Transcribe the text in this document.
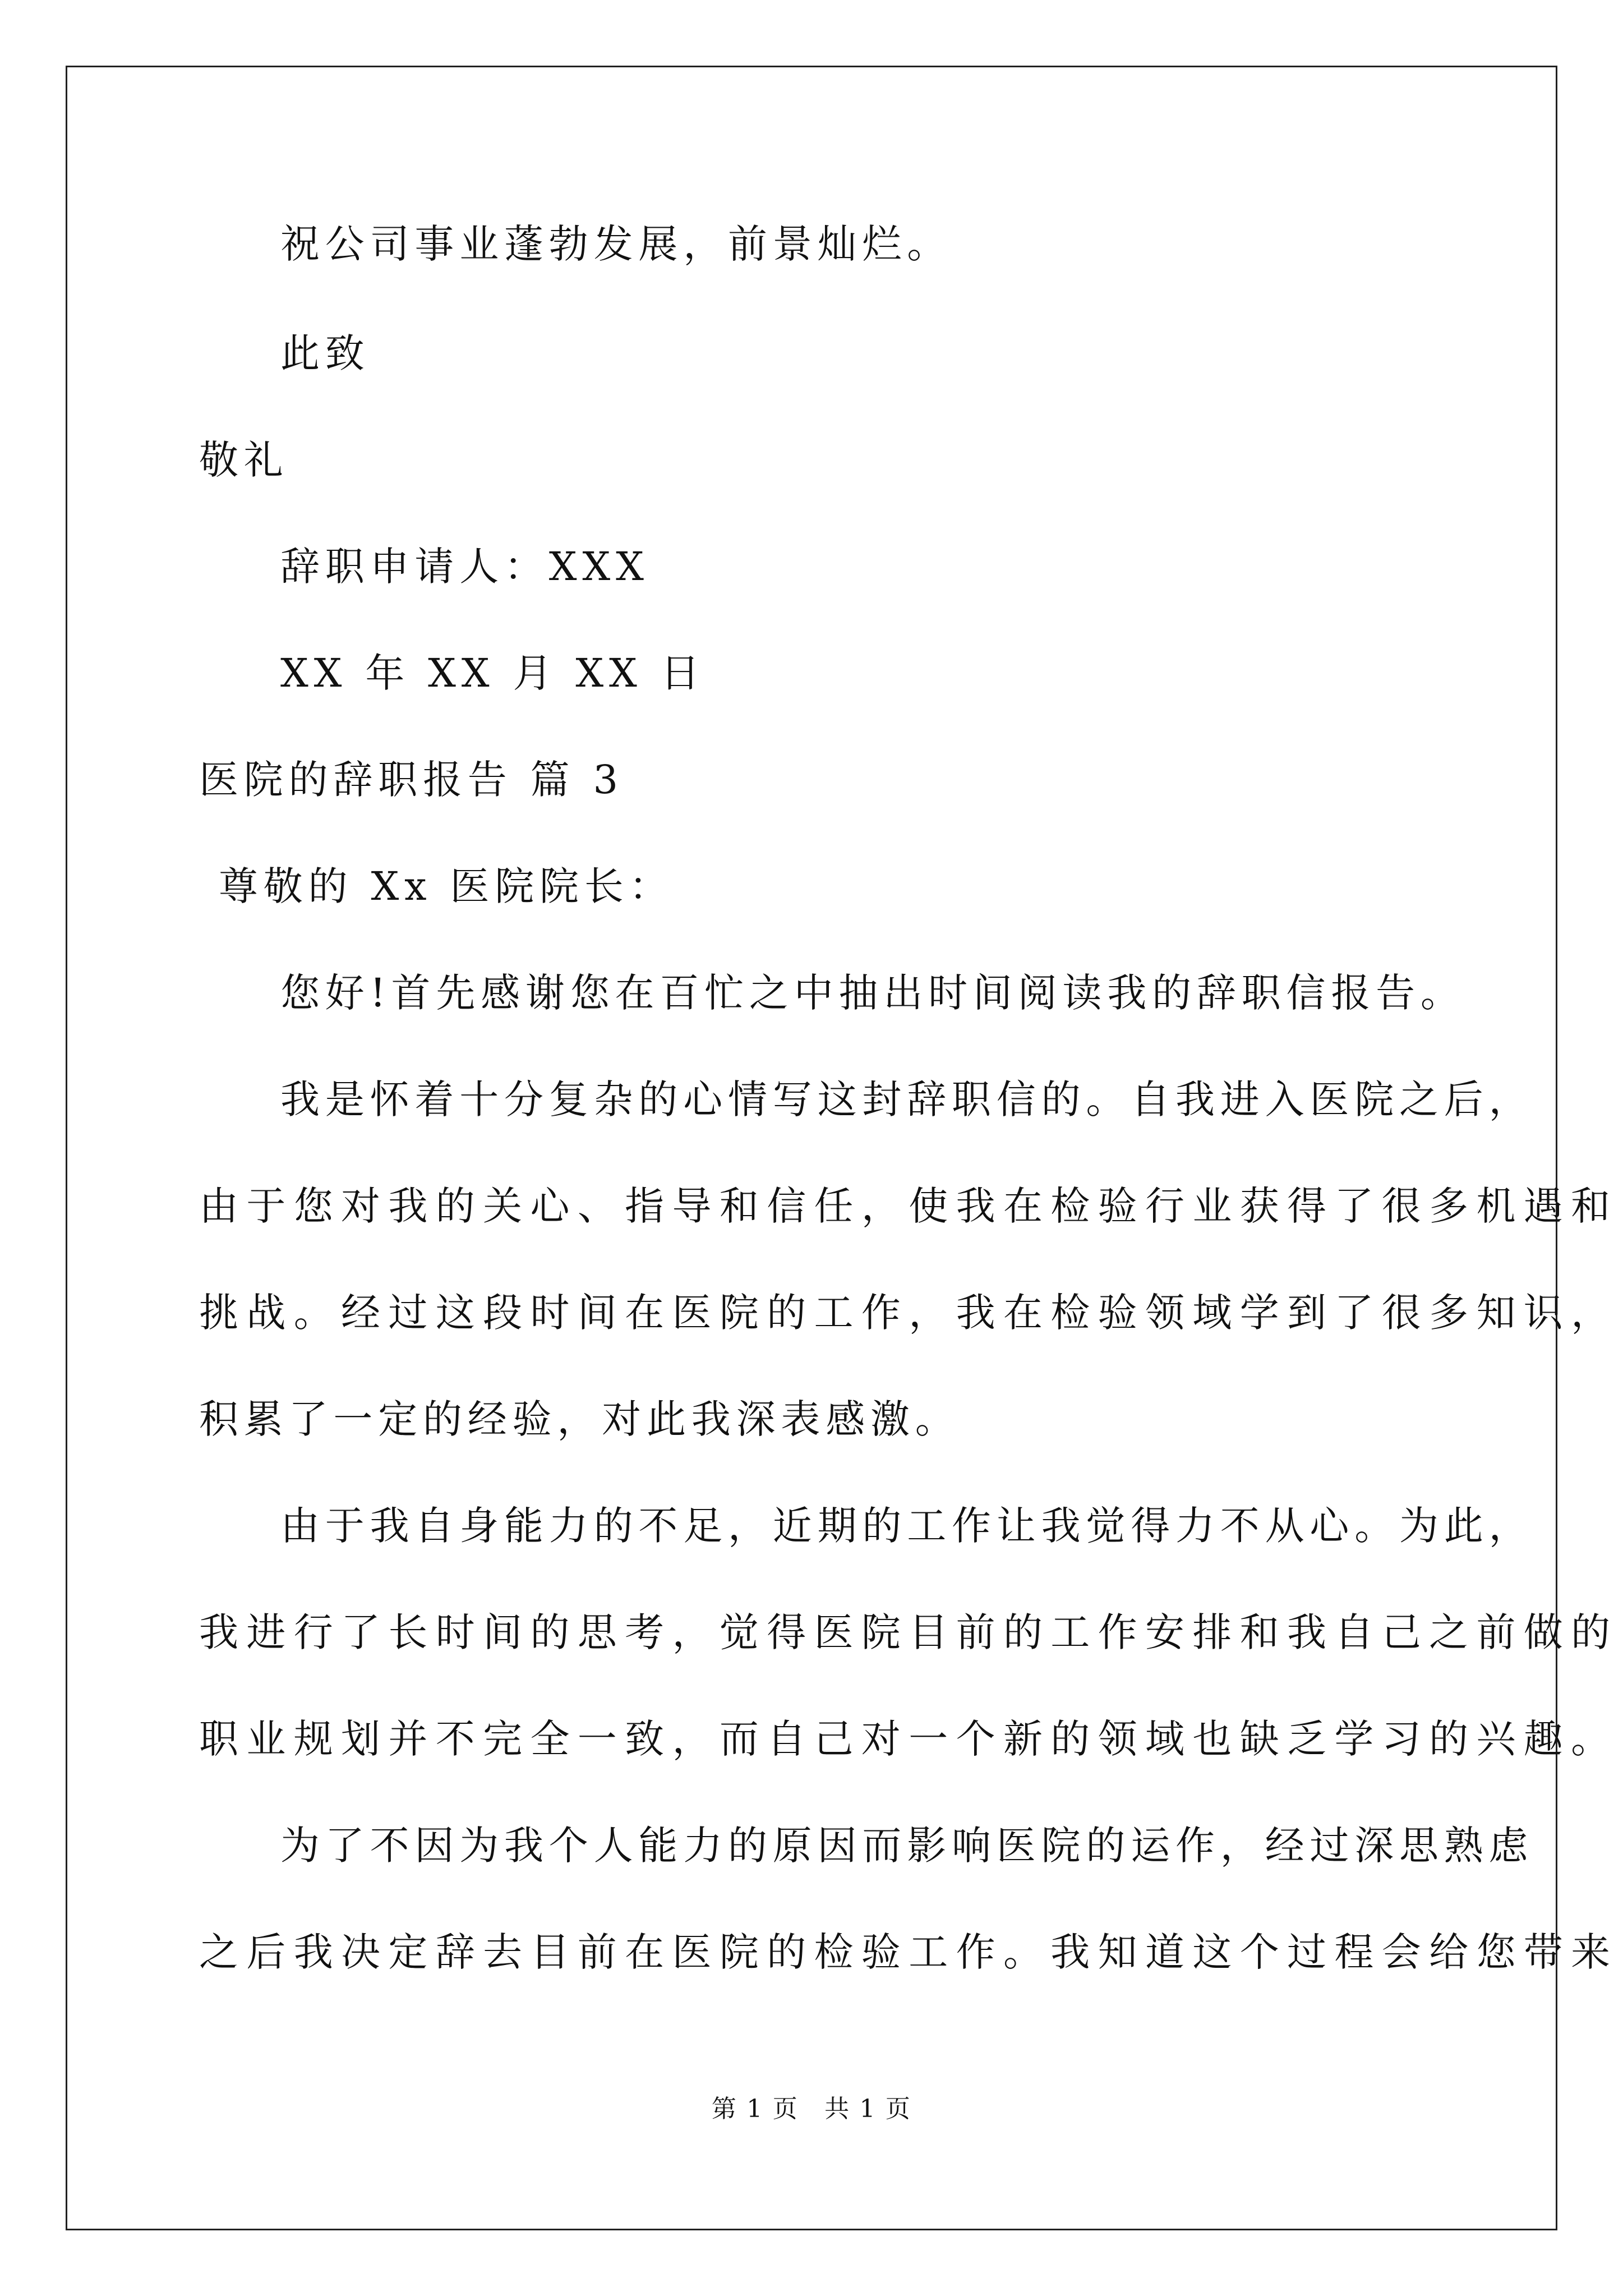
祝公司事业蓬勃发展，前景灿烂。

此致

敬礼

辞职申请人：XXX

XX 年 XX 月 XX 日

医院的辞职报告 篇 3

尊敬的 Xx 医院院长：

您好!首先感谢您在百忙之中抽出时间阅读我的辞职信报告。

我是怀着十分复杂的心情写这封辞职信的。自我进入医院之后，

由于您对我的关心、指导和信任，使我在检验行业获得了很多机遇和

挑战。经过这段时间在医院的工作，我在检验领域学到了很多知识，

积累了一定的经验，对此我深表感激。

由于我自身能力的不足，近期的工作让我觉得力不从心。为此，

我进行了长时间的思考，觉得医院目前的工作安排和我自己之前做的

职业规划并不完全一致，而自己对一个新的领域也缺乏学习的兴趣。

为了不因为我个人能力的原因而影响医院的运作，经过深思熟虑

之后我决定辞去目前在医院的检验工作。我知道这个过程会给您带来

第 1 页　共 1 页
